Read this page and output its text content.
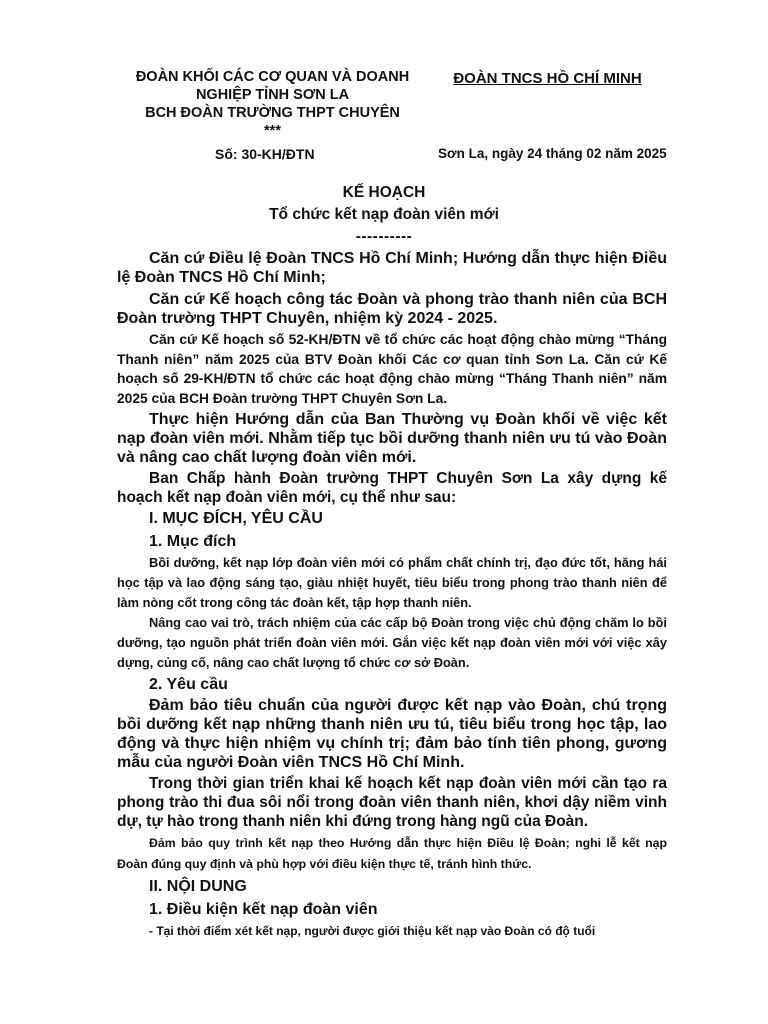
ĐOÀN KHỐI CÁC CƠ QUAN VÀ DOANH
NGHIỆP TỈNH SƠN LA
BCH ĐOÀN TRƯỜNG THPT CHUYÊN
***
ĐOÀN TNCS HỒ CHÍ MINH
Số: 30-KH/ĐTN	Sơn La, ngày 24 tháng 02 năm 2025
KẾ HOẠCH
Tổ chức kết nạp đoàn viên mới
----------

Căn cứ Điều lệ Đoàn TNCS Hồ Chí Minh; Hướng dẫn thực hiện Điều lệ Đoàn TNCS Hồ Chí Minh;

Căn cứ Kế hoạch công tác Đoàn và phong trào thanh niên của BCH Đoàn trường THPT Chuyên, nhiệm kỳ 2024 - 2025.

Căn cứ Kế hoạch số 52-KH/ĐTN về tổ chức các hoạt động chào mừng “Tháng Thanh niên” năm 2025 của BTV Đoàn khối Các cơ quan tỉnh Sơn La. Căn cứ Kế hoạch số 29-KH/ĐTN tổ chức các hoạt động chào mừng “Tháng Thanh niên” năm 2025 của BCH Đoàn trường THPT Chuyên Sơn La.

Thực hiện Hướng dẫn của Ban Thường vụ Đoàn khối về việc kết nạp đoàn viên mới. Nhằm tiếp tục bồi dưỡng thanh niên ưu tú vào Đoàn và nâng cao chất lượng đoàn viên mới.

Ban Chấp hành Đoàn trường THPT Chuyên Sơn La xây dựng kế hoạch kết nạp đoàn viên mới, cụ thể như sau:

I. MỤC ĐÍCH, YÊU CẦU

1. Mục đích

Bồi dưỡng, kết nạp lớp đoàn viên mới có phẩm chất chính trị, đạo đức tốt, hăng hái học tập và lao động sáng tạo, giàu nhiệt huyết, tiêu biểu trong phong trào thanh niên để làm nòng cốt trong công tác đoàn kết, tập hợp thanh niên.

Nâng cao vai trò, trách nhiệm của các cấp bộ Đoàn trong việc chủ động chăm lo bồi dưỡng, tạo nguồn phát triển đoàn viên mới. Gắn việc kết nạp đoàn viên mới với việc xây dựng, củng cố, nâng cao chất lượng tổ chức cơ sở Đoàn.

2. Yêu cầu

Đảm bảo tiêu chuẩn của người được kết nạp vào Đoàn, chú trọng bồi dưỡng kết nạp những thanh niên ưu tú, tiêu biểu trong học tập, lao động và thực hiện nhiệm vụ chính trị; đảm bảo tính tiên phong, gương mẫu của người Đoàn viên TNCS Hồ Chí Minh.

Trong thời gian triển khai kế hoạch kết nạp đoàn viên mới cần tạo ra phong trào thi đua sôi nổi trong đoàn viên thanh niên, khơi dậy niềm vinh dự, tự hào trong thanh niên khi đứng trong hàng ngũ của Đoàn.

Đảm bảo quy trình kết nạp theo Hướng dẫn thực hiện Điều lệ Đoàn; nghi lễ kết nạp Đoàn đúng quy định và phù hợp với điều kiện thực tế, tránh hình thức.

II. NỘI DUNG

1. Điều kiện kết nạp đoàn viên

- Tại thời điểm xét kết nạp, người được giới thiệu kết nạp vào Đoàn có độ tuổi
